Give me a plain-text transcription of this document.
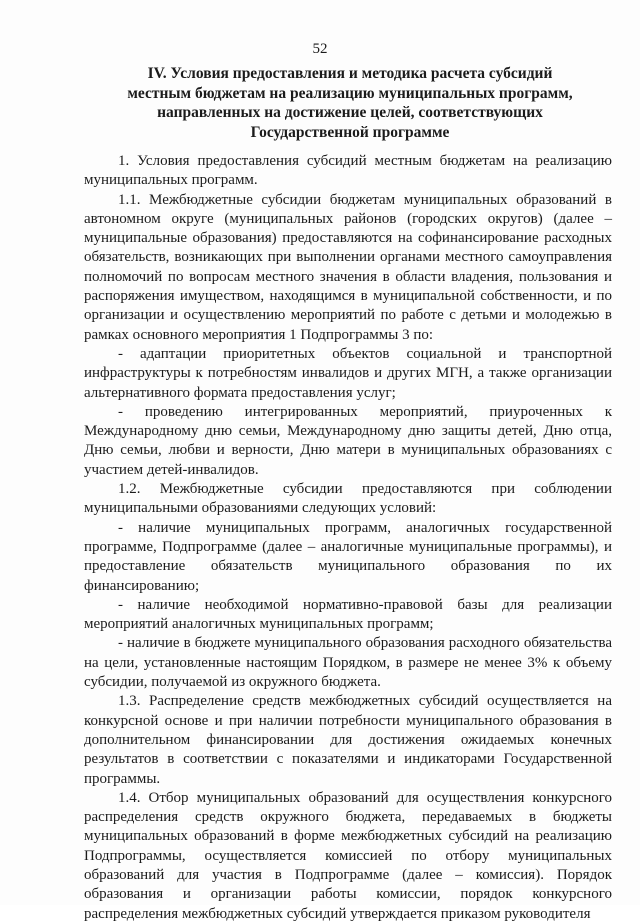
52
IV. Условия предоставления и методика расчета субсидий
местным бюджетам на реализацию муниципальных программ,
направленных на достижение целей, соответствующих
Государственной программе

1. Условия предоставления субсидий местным бюджетам на реализацию муниципальных программ.

1.1. Межбюджетные субсидии бюджетам муниципальных образований в автономном округе (муниципальных районов (городских округов) (далее – муниципальные образования) предоставляются на софинансирование расходных обязательств, возникающих при выполнении органами местного самоуправления полномочий по вопросам местного значения в области владения, пользования и распоряжения имуществом, находящимся в муниципальной собственности, и по организации и осуществлению мероприятий по работе с детьми и молодежью в рамках основного мероприятия 1 Подпрограммы 3 по:

- адаптации приоритетных объектов социальной и транспортной инфраструктуры к потребностям инвалидов и других МГН, а также организации альтернативного формата предоставления услуг;

- проведению интегрированных мероприятий, приуроченных к Международному дню семьи, Международному дню защиты детей, Дню отца, Дню семьи, любви и верности, Дню матери в муниципальных образованиях с участием детей-инвалидов.

1.2. Межбюджетные субсидии предоставляются при соблюдении муниципальными образованиями следующих условий:

- наличие муниципальных программ, аналогичных государственной программе, Подпрограмме (далее – аналогичные муниципальные программы), и предоставление обязательств муниципального образования по их финансированию;

- наличие необходимой нормативно-правовой базы для реализации мероприятий аналогичных муниципальных программ;

- наличие в бюджете муниципального образования расходного обязательства на цели, установленные настоящим Порядком, в размере не менее 3% к объему субсидии, получаемой из окружного бюджета.

1.3. Распределение средств межбюджетных субсидий осуществляется на конкурсной основе и при наличии потребности муниципального образования в дополнительном финансировании для достижения ожидаемых конечных результатов в соответствии с показателями и индикаторами Государственной программы.

1.4. Отбор муниципальных образований для осуществления конкурсного распределения средств окружного бюджета, передаваемых в бюджеты муниципальных образований в форме межбюджетных субсидий на реализацию Подпрограммы, осуществляется комиссией по отбору муниципальных образований для участия в Подпрограмме (далее – комиссия). Порядок образования и организации работы комиссии, порядок конкурсного распределения межбюджетных субсидий утверждается приказом руководителя
